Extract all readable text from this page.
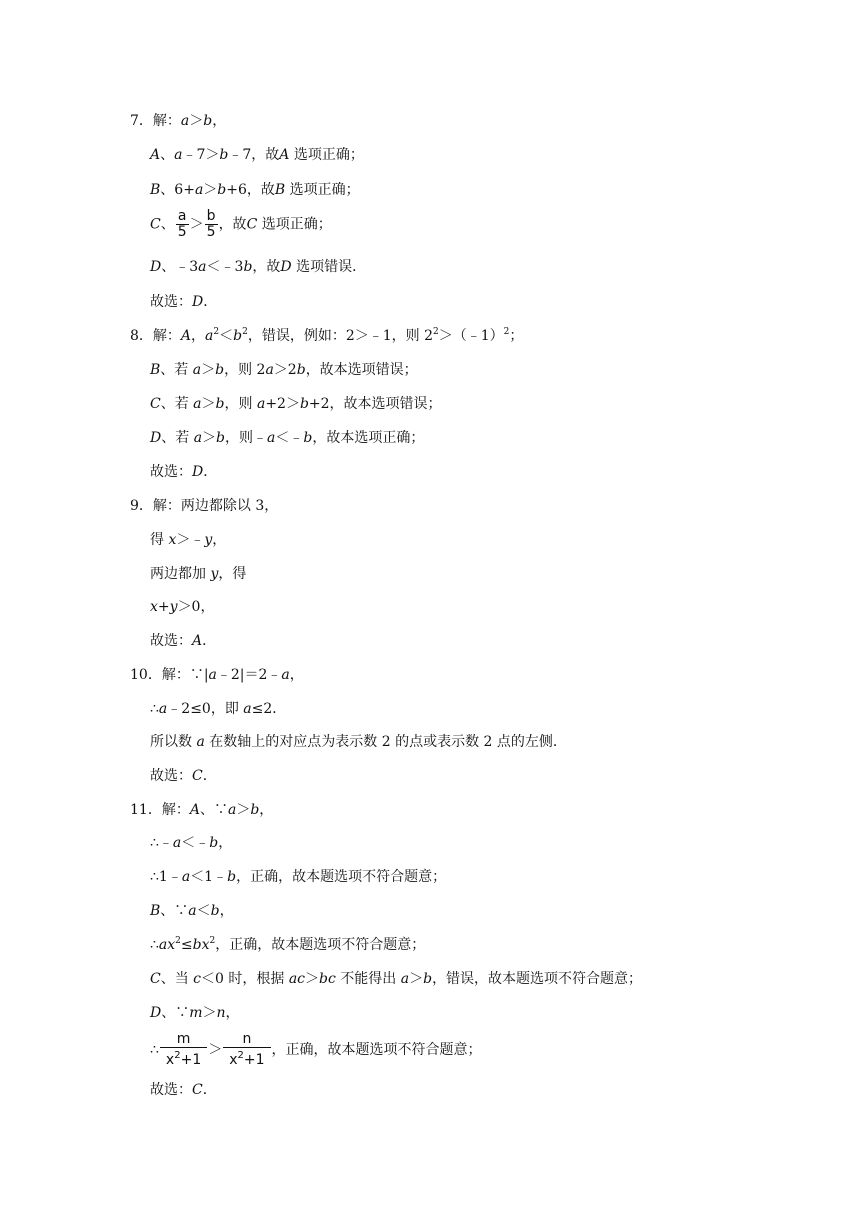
7．解：a＞b，
A、a﹣7＞b﹣7，故A 选项正确；
B、6+a＞b+6，故B 选项正确；
C、 $\frac{a}{5} > \frac{b}{5}$ ，故C 选项正确；
D、﹣3a＜﹣3b，故D 选项错误．
故选：D．
8．解：A，$a^2<b^2$，错误，例如：2＞﹣1，则 $2^2>(﹣1)^2$；
B、若 a＞b，则 2a＞2b，故本选项错误；
C、若 a＞b，则 a+2＞b+2，故本选项错误；
D、若 a＞b，则﹣a＜﹣b，故本选项正确；
故选：D．
9．解：两边都除以 3，
得 x＞﹣y，
两边都加 y，得
x+y＞0，
故选：A．
10．解：∵|a﹣2|＝2﹣a，
∴a﹣2≤0，即 a≤2．
所以数 a 在数轴上的对应点为表示数 2 的点或表示数 2 点的左侧．
故选：C．
11．解：A、∵a＞b，
∴﹣a＜﹣b，
∴1﹣a＜1﹣b，正确，故本题选项不符合题意；
B、∵a＜b，
$\therefore ax^2\le bx^2$，正确，故本题选项不符合题意；
C、当 c＜0 时，根据 ac＞bc 不能得出 a＞b，错误，故本题选项不符合题意；
D、∵m＞n，
∴ $\frac{m}{x^2+1} > \frac{n}{x^2+1}$ ，正确，故本题选项不符合题意；
故选：C．
